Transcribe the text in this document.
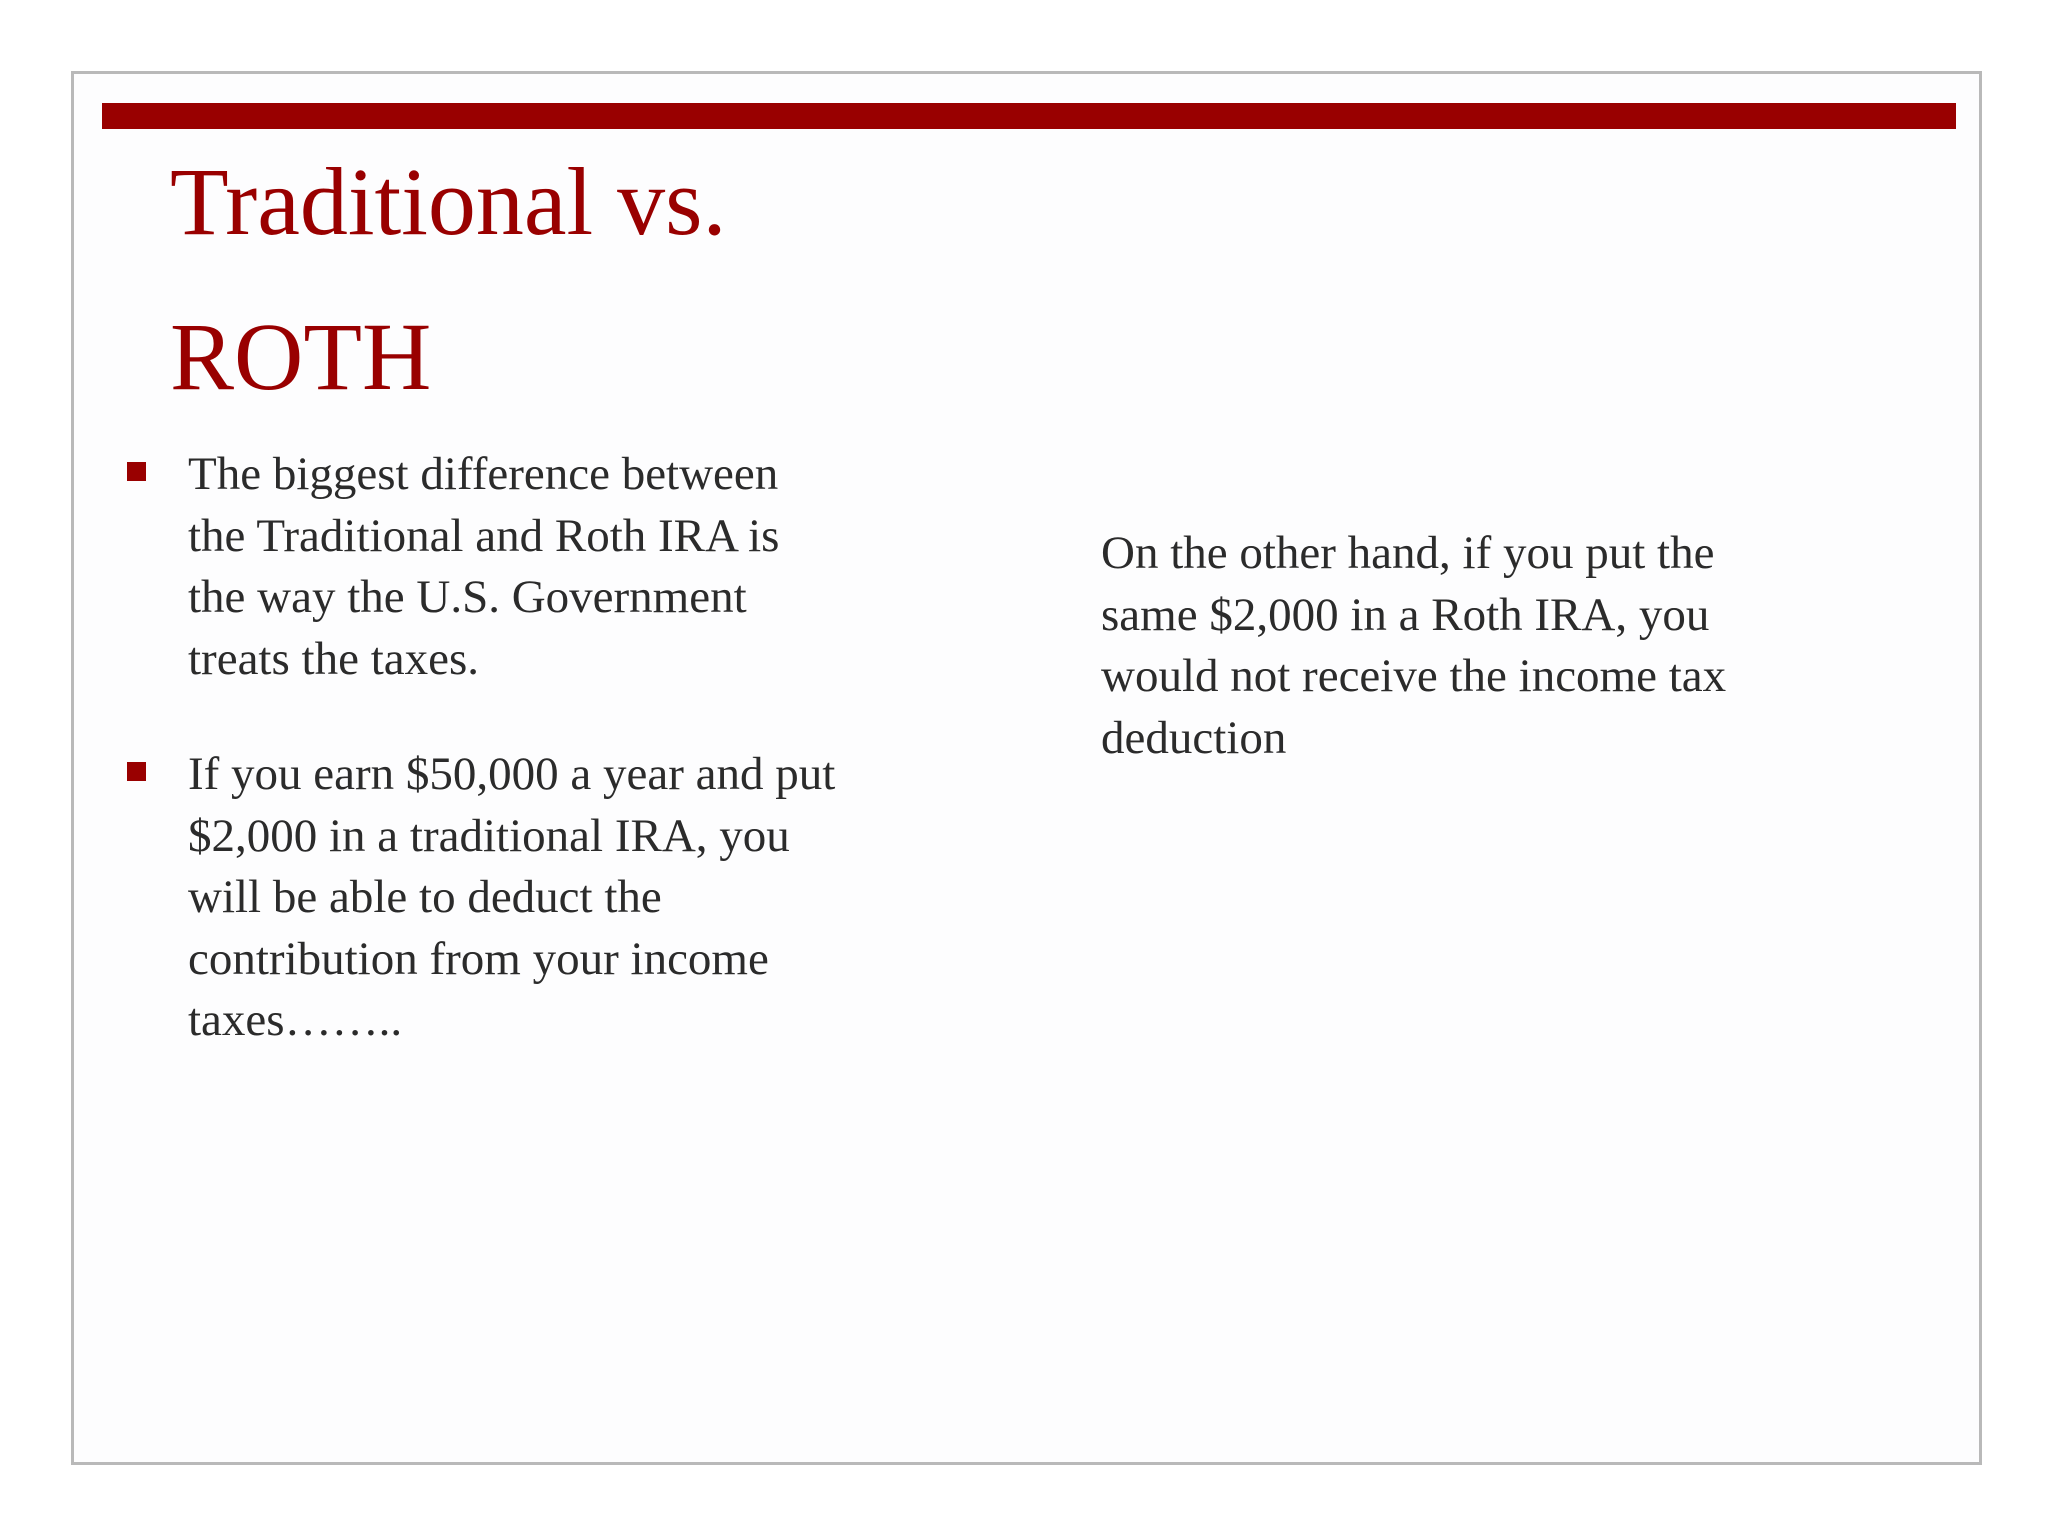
Traditional vs.
ROTH

The biggest difference between
the Traditional and Roth IRA is
the way the U.S. Government
treats the taxes.

If you earn $50,000 a year and put
$2,000 in a traditional IRA, you
will be able to deduct the
contribution from your income
taxes……..

On the other hand, if you put the
same $2,000 in a Roth IRA, you
would not receive the income tax
deduction
